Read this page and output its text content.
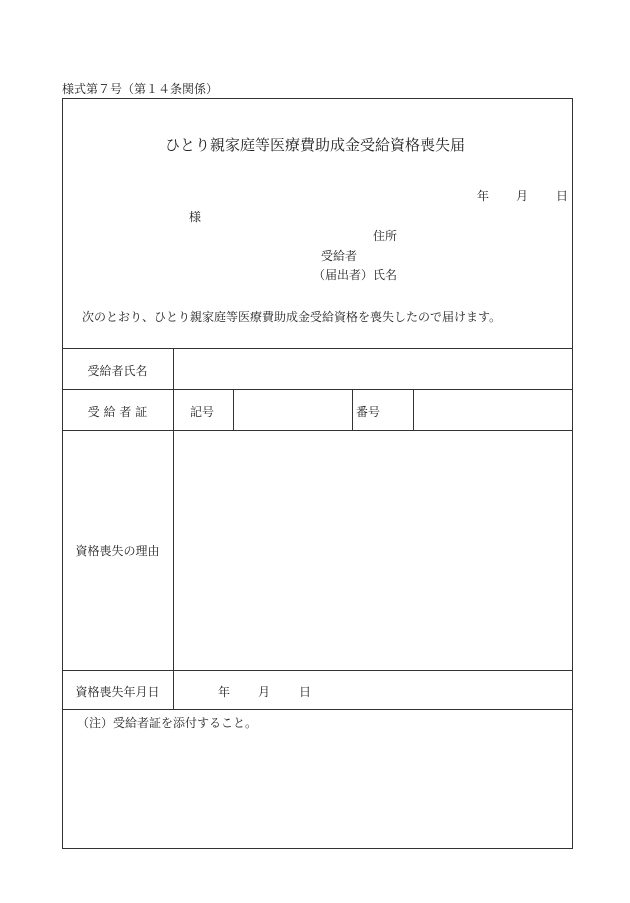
様式第７号（第１４条関係）
ひとり親家庭等医療費助成金受給資格喪失届
年 月 日
様
住所
受給者
（届出者） 氏名
次のとおり、ひとり親家庭等医療費助成金受給資格を喪失したので届けます。
受給者氏名
受 給 者 証	記号	番号
資格喪失の理由
資格喪失年月日	年 月 日
（注）受給者証を添付すること。
